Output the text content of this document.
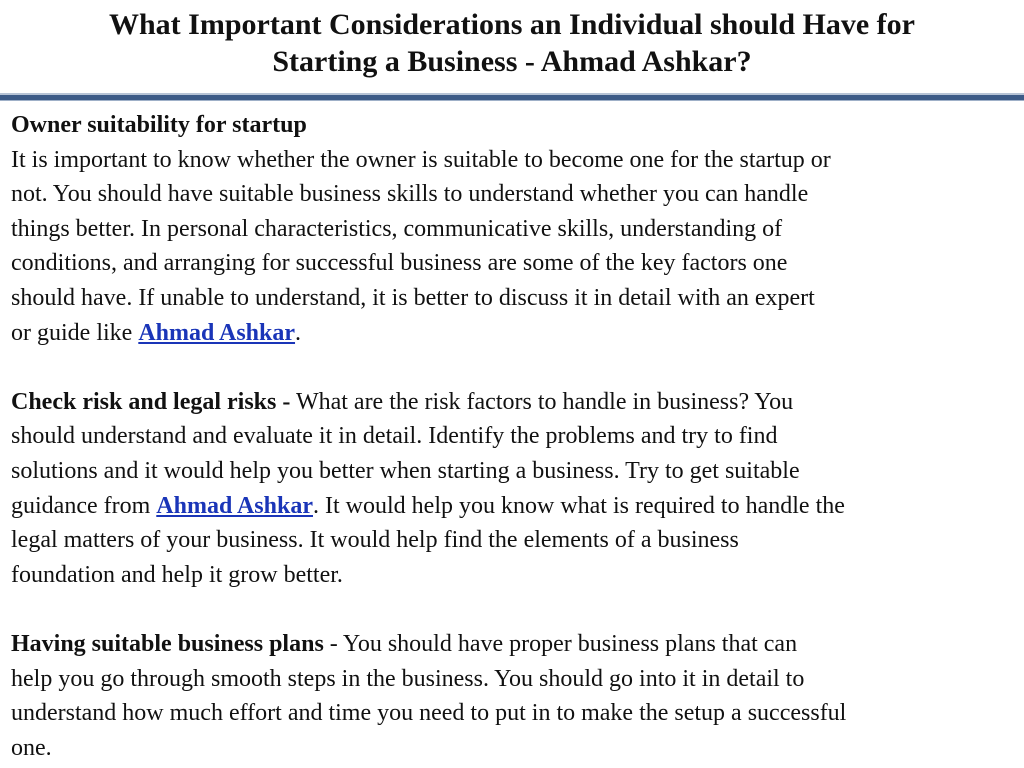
What Important Considerations an Individual should Have for
Starting a Business - Ahmad Ashkar?
Owner suitability for startup
It is important to know whether the owner is suitable to become one for the startup or
not. You should have suitable business skills to understand whether you can handle
things better. In personal characteristics, communicative skills, understanding of
conditions, and arranging for successful business are some of the key factors one
should have. If unable to understand, it is better to discuss it in detail with an expert
or guide like Ahmad Ashkar.
Check risk and legal risks - What are the risk factors to handle in business? You
should understand and evaluate it in detail. Identify the problems and try to find
solutions and it would help you better when starting a business. Try to get suitable
guidance from Ahmad Ashkar. It would help you know what is required to handle the
legal matters of your business. It would help find the elements of a business
foundation and help it grow better.
Having suitable business plans - You should have proper business plans that can
help you go through smooth steps in the business. You should go into it in detail to
understand how much effort and time you need to put in to make the setup a successful
one.
